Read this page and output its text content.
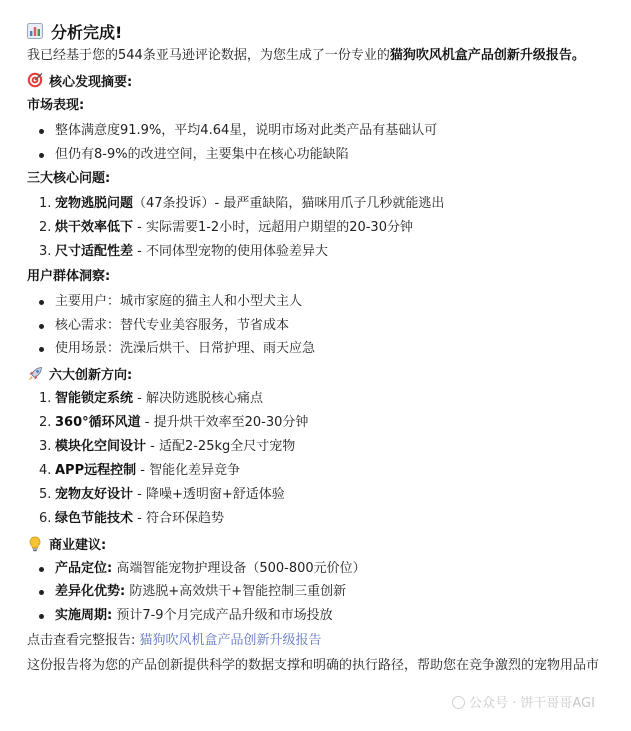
分析完成!
我已经基于您的544条亚马逊评论数据，为您生成了一份专业的猫狗吹风机盒产品创新升级报告。
核心发现摘要:
市场表现:
整体满意度91.9%，平均4.64星，说明市场对此类产品有基础认可
但仍有8-9%的改进空间，主要集中在核心功能缺陷
三大核心问题:
1. 宠物逃脱问题（47条投诉）- 最严重缺陷，猫咪用爪子几秒就能逃出
2. 烘干效率低下 - 实际需要1-2小时，远超用户期望的20-30分钟
3. 尺寸适配性差 - 不同体型宠物的使用体验差异大
用户群体洞察:
主要用户：城市家庭的猫主人和小型犬主人
核心需求：替代专业美容服务，节省成本
使用场景：洗澡后烘干、日常护理、雨天应急
六大创新方向:
1. 智能锁定系统 - 解决防逃脱核心痛点
2. 360°循环风道 - 提升烘干效率至20-30分钟
3. 模块化空间设计 - 适配2-25kg全尺寸宠物
4. APP远程控制 - 智能化差异竞争
5. 宠物友好设计 - 降噪+透明窗+舒适体验
6. 绿色节能技术 - 符合环保趋势
商业建议:
产品定位: 高端智能宠物护理设备（500-800元价位）
差异化优势: 防逃脱+高效烘干+智能控制三重创新
实施周期: 预计7-9个月完成产品升级和市场投放
点击查看完整报告: 猫狗吹风机盒产品创新升级报告
这份报告将为您的产品创新提供科学的数据支撑和明确的执行路径，帮助您在竞争激烈的宠物用品市
公众号 · 饼干哥哥AGI
